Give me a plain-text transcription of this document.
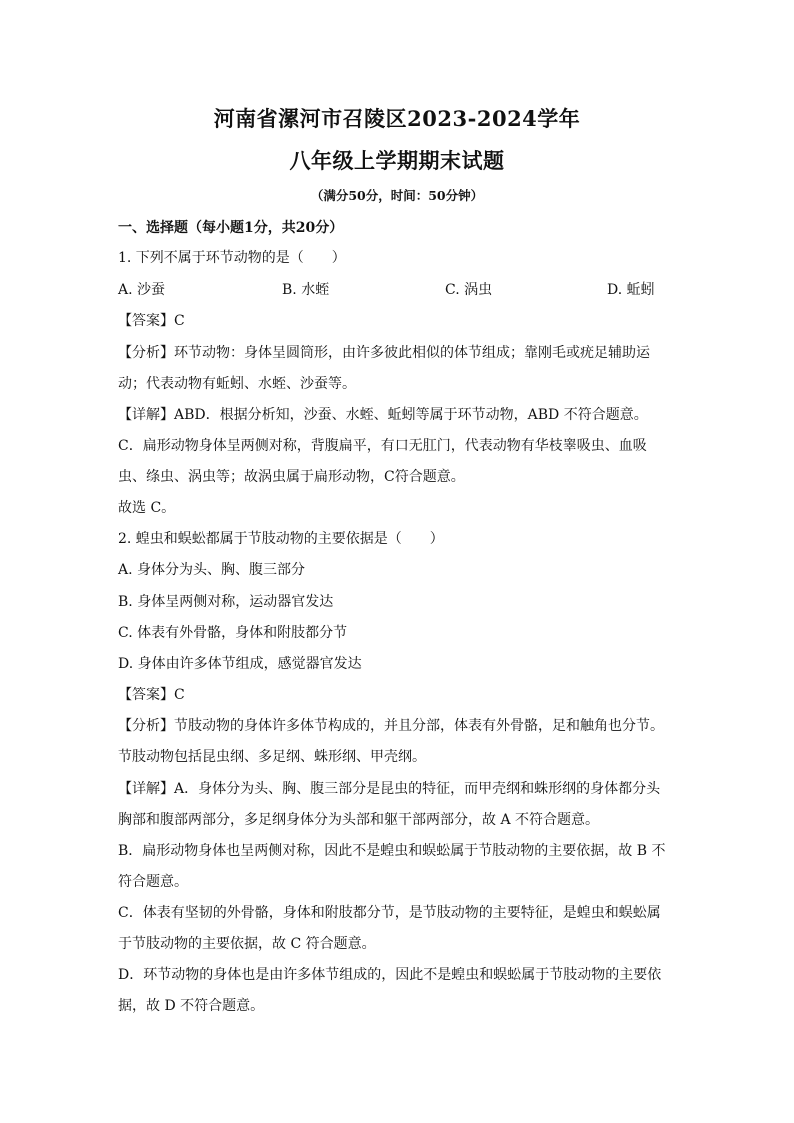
河南省漯河市召陵区2023-2024学年
八年级上学期期末试题
（满分50分，时间：50分钟）
一、选择题（每小题1分，共20分）
1. 下列不属于环节动物的是（　　）
A. 沙蚕	B. 水蛭	C. 涡虫	D. 蚯蚓
【答案】C
【分析】环节动物：身体呈圆筒形，由许多彼此相似的体节组成；靠刚毛或疣足辅助运
动；代表动物有蚯蚓、水蛭、沙蚕等。
【详解】ABD．根据分析知，沙蚕、水蛭、蚯蚓等属于环节动物，ABD 不符合题意。
C．扁形动物身体呈两侧对称，背腹扁平，有口无肛门，代表动物有华枝睾吸虫、血吸
虫、绦虫、涡虫等；故涡虫属于扁形动物，C符合题意。
故选 C。
2. 蝗虫和蜈蚣都属于节肢动物的主要依据是（　　）
A. 身体分为头、胸、腹三部分
B. 身体呈两侧对称，运动器官发达
C. 体表有外骨骼，身体和附肢都分节
D. 身体由许多体节组成，感觉器官发达
【答案】C
【分析】节肢动物的身体许多体节构成的，并且分部，体表有外骨骼，足和触角也分节。
节肢动物包括昆虫纲、多足纲、蛛形纲、甲壳纲。
【详解】A．身体分为头、胸、腹三部分是昆虫的特征，而甲壳纲和蛛形纲的身体都分头
胸部和腹部两部分，多足纲身体分为头部和躯干部两部分，故 A 不符合题意。
B．扁形动物身体也呈两侧对称，因此不是蝗虫和蜈蚣属于节肢动物的主要依据，故 B 不
符合题意。
C．体表有坚韧的外骨骼，身体和附肢都分节，是节肢动物的主要特征，是蝗虫和蜈蚣属
于节肢动物的主要依据，故 C 符合题意。
D．环节动物的身体也是由许多体节组成的，因此不是蝗虫和蜈蚣属于节肢动物的主要依
据，故 D 不符合题意。
